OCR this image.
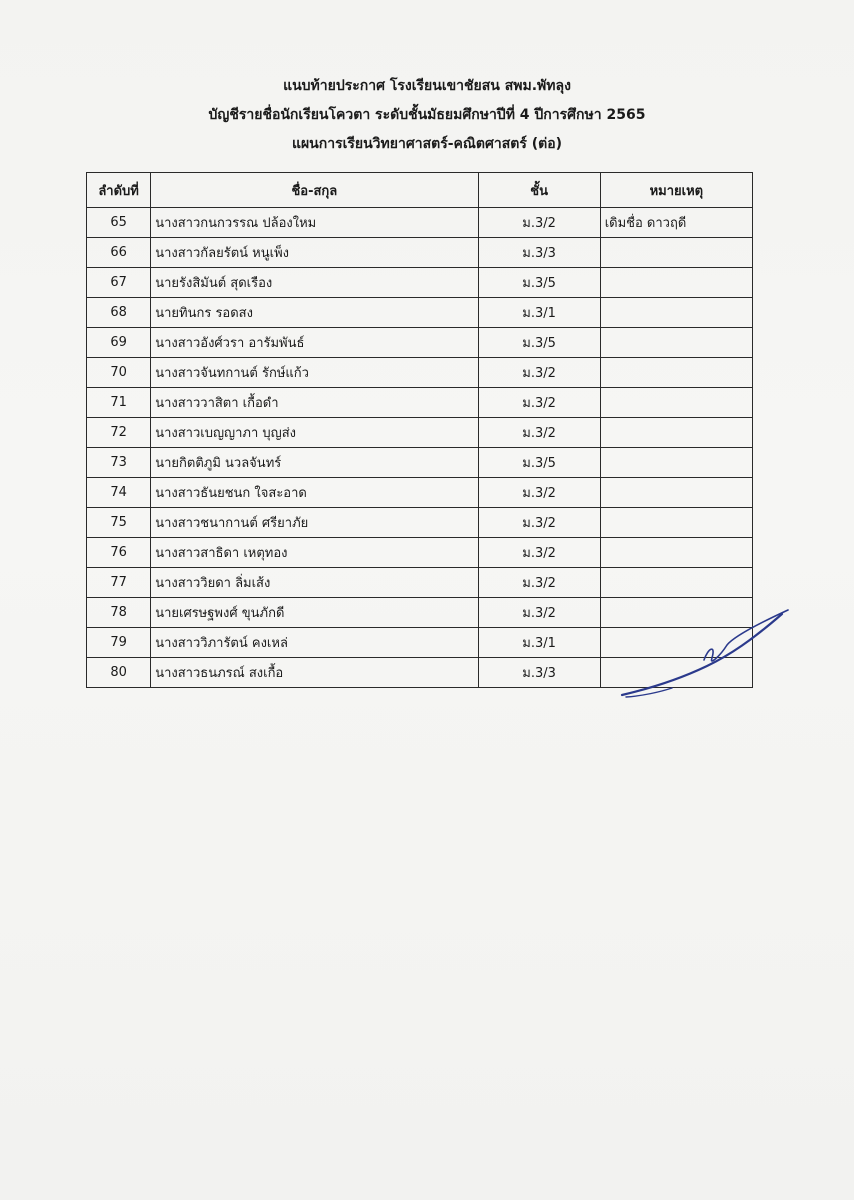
แนบท้ายประกาศ โรงเรียนเขาชัยสน สพม.พัทลุง
บัญชีรายชื่อนักเรียนโควตา ระดับชั้นมัธยมศึกษาปีที่ 4 ปีการศึกษา 2565
แผนการเรียนวิทยาศาสตร์-คณิตศาสตร์ (ต่อ)
ลำดับที่	ชื่อ-สกุล	ชั้น	หมายเหตุ
65	นางสาวกนกวรรณ ปล้องใหม	ม.3/2	เดิมชื่อ ดาวฤดี
66	นางสาวกัลยรัตน์ หนูเพ็ง	ม.3/3	
67	นายรังสิมันต์ สุดเรือง	ม.3/5	
68	นายทินกร รอดสง	ม.3/1	
69	นางสาวอังศ์วรา อารัมพันธ์	ม.3/5	
70	นางสาวจันทกานต์ รักษ์แก้ว	ม.3/2	
71	นางสาววาสิตา เกื้อดำ	ม.3/2	
72	นางสาวเบญญาภา บุญส่ง	ม.3/2	
73	นายกิตติภูมิ นวลจันทร์	ม.3/5	
74	นางสาวธันยชนก ใจสะอาด	ม.3/2	
75	นางสาวชนากานต์ ศรียาภัย	ม.3/2	
76	นางสาวสาธิดา เหตุทอง	ม.3/2	
77	นางสาววิยดา ลิ่มเส้ง	ม.3/2	
78	นายเศรษฐพงศ์ ขุนภักดี	ม.3/2	
79	นางสาววิภารัตน์ คงเหล่	ม.3/1	
80	นางสาวธนภรณ์ สงเกื้อ	ม.3/3	
